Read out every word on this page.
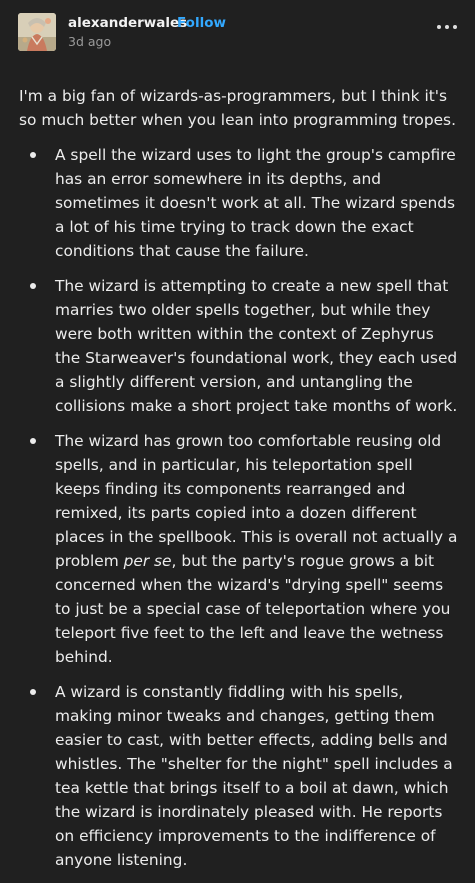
alexanderwales
Follow
3d ago

I'm a big fan of wizards-as-programmers, but I think it's so much better when you lean into programming tropes.

A spell the wizard uses to light the group's campfire has an error somewhere in its depths, and sometimes it doesn't work at all. The wizard spends a lot of his time trying to track down the exact conditions that cause the failure.
The wizard is attempting to create a new spell that marries two older spells together, but while they were both written within the context of Zephyrus the Starweaver's foundational work, they each used a slightly different version, and untangling the collisions make a short project take months of work.
The wizard has grown too comfortable reusing old spells, and in particular, his teleportation spell keeps finding its components rearranged and remixed, its parts copied into a dozen different places in the spellbook. This is overall not actually a problem per se, but the party's rogue grows a bit concerned when the wizard's "drying spell" seems to just be a special case of teleportation where you teleport five feet to the left and leave the wetness behind.
A wizard is constantly fiddling with his spells, making minor tweaks and changes, getting them easier to cast, with better effects, adding bells and whistles. The "shelter for the night" spell includes a tea kettle that brings itself to a boil at dawn, which the wizard is inordinately pleased with. He reports on efficiency improvements to the indifference of anyone listening.
